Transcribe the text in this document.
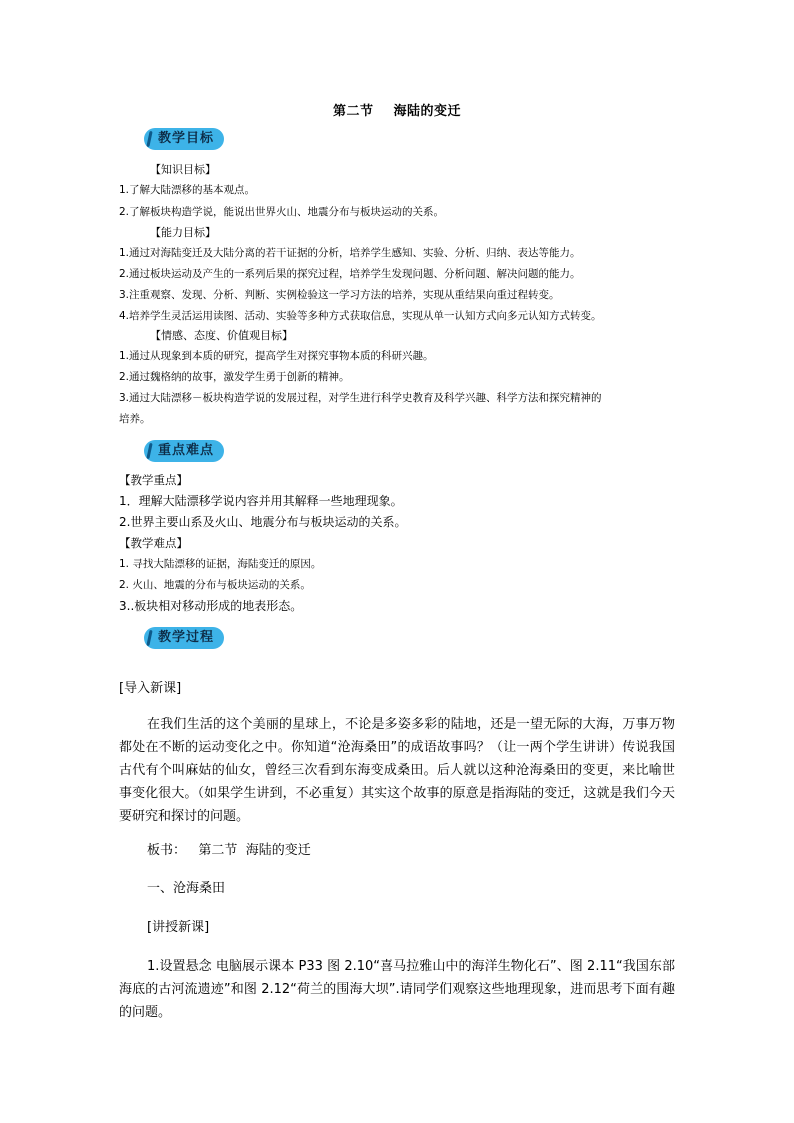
第二节 海陆的变迁
教学目标
【知识目标】
1.了解大陆漂移的基本观点。
2.了解板块构造学说，能说出世界火山、地震分布与板块运动的关系。
【能力目标】
1.通过对海陆变迁及大陆分离的若干证据的分析，培养学生感知、实验、分析、归纳、表达等能力。
2.通过板块运动及产生的一系列后果的探究过程，培养学生发现问题、分析问题、解决问题的能力。
3.注重观察、发现、分析、判断、实例检验这一学习方法的培养，实现从重结果向重过程转变。
4.培养学生灵活运用读图、活动、实验等多种方式获取信息，实现从单一认知方式向多元认知方式转变。
【情感、态度、价值观目标】
1.通过从现象到本质的研究，提高学生对探究事物本质的科研兴趣。
2.通过魏格纳的故事，激发学生勇于创新的精神。
3.通过大陆漂移－板块构造学说的发展过程，对学生进行科学史教育及科学兴趣、科学方法和探究精神的
培养。
重点难点
【教学重点】
1．理解大陆漂移学说内容并用其解释一些地理现象。
2.世界主要山系及火山、地震分布与板块运动的关系。
【教学难点】
1. 寻找大陆漂移的证据，海陆变迁的原因。
2. 火山、地震的分布与板块运动的关系。
3..板块相对移动形成的地表形态。
教学过程
[导入新课]
在我们生活的这个美丽的星球上，不论是多姿多彩的陆地，还是一望无际的大海，万事万物都处在不断的运动变化之中。你知道“沧海桑田”的成语故事吗？（让一两个学生讲讲）传说我国古代有个叫麻姑的仙女，曾经三次看到东海变成桑田。后人就以这种沧海桑田的变更，来比喻世事变化很大。（如果学生讲到，不必重复）其实这个故事的原意是指海陆的变迁，这就是我们今天要研究和探讨的问题。
板书： 第二节 海陆的变迁
一、沧海桑田
[讲授新课]
1.设置悬念 电脑展示课本 P33 图 2.10“喜马拉雅山中的海洋生物化石”、图 2.11“我国东部海底的古河流遗迹”和图 2.12“荷兰的围海大坝”.请同学们观察这些地理现象，进而思考下面有趣的问题。
